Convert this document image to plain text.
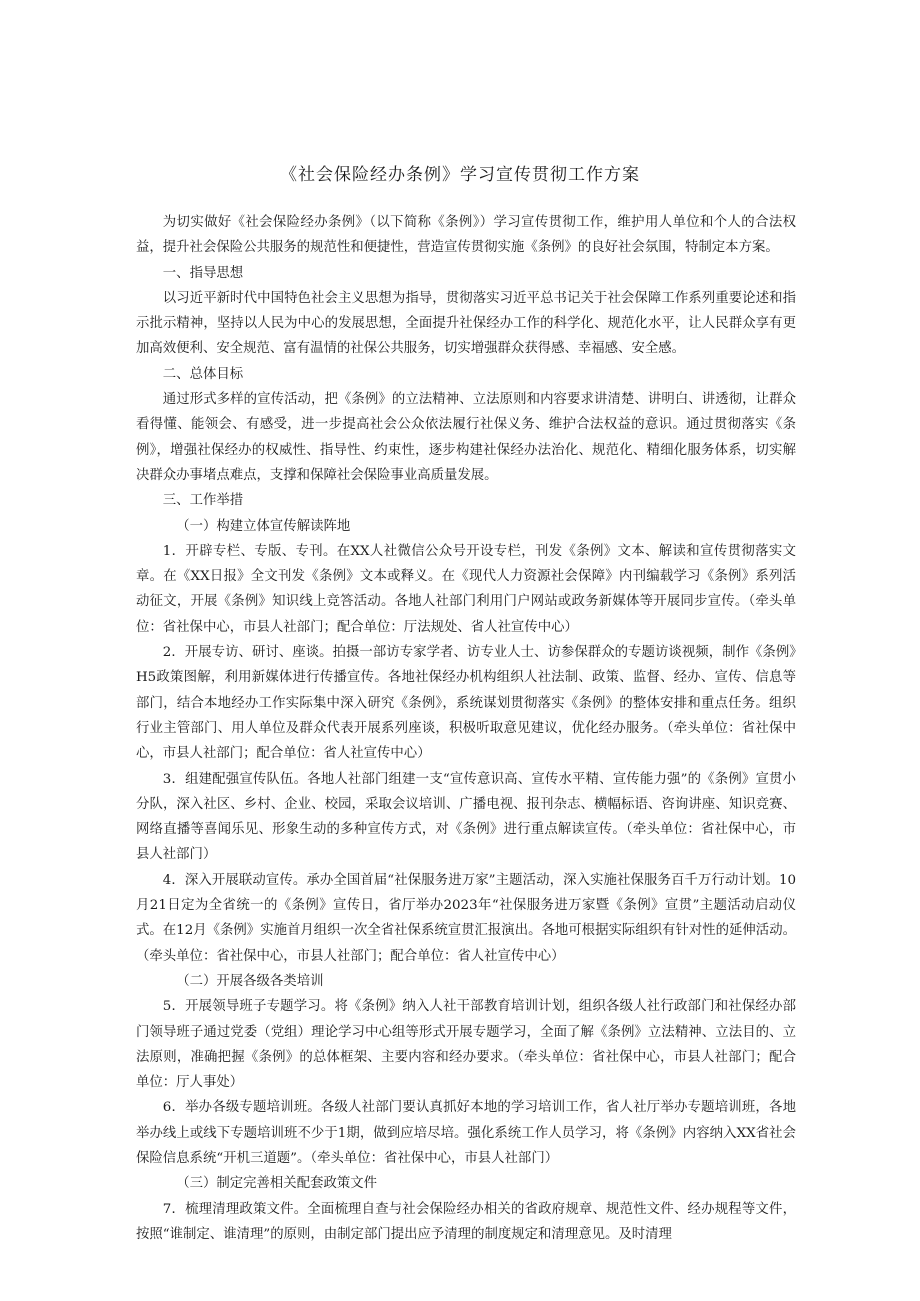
《社会保险经办条例》学习宣传贯彻工作方案

为切实做好《社会保险经办条例》（以下简称《条例》）学习宣传贯彻工作，维护用人单位和个人的合法权益，提升社会保险公共服务的规范性和便捷性，营造宣传贯彻实施《条例》的良好社会氛围，特制定本方案。

一、指导思想

以习近平新时代中国特色社会主义思想为指导，贯彻落实习近平总书记关于社会保障工作系列重要论述和指示批示精神，坚持以人民为中心的发展思想，全面提升社保经办工作的科学化、规范化水平，让人民群众享有更加高效便利、安全规范、富有温情的社保公共服务，切实增强群众获得感、幸福感、安全感。

二、总体目标

通过形式多样的宣传活动，把《条例》的立法精神、立法原则和内容要求讲清楚、讲明白、讲透彻，让群众看得懂、能领会、有感受，进一步提高社会公众依法履行社保义务、维护合法权益的意识。通过贯彻落实《条例》，增强社保经办的权威性、指导性、约束性，逐步构建社保经办法治化、规范化、精细化服务体系，切实解决群众办事堵点难点，支撑和保障社会保险事业高质量发展。

三、工作举措

（一）构建立体宣传解读阵地

1．开辟专栏、专版、专刊。在XX人社微信公众号开设专栏，刊发《条例》文本、解读和宣传贯彻落实文章。在《XX日报》全文刊发《条例》文本或释义。在《现代人力资源社会保障》内刊编载学习《条例》系列活动征文，开展《条例》知识线上竞答活动。各地人社部门利用门户网站或政务新媒体等开展同步宣传。（牵头单位：省社保中心，市县人社部门；配合单位：厅法规处、省人社宣传中心）

2．开展专访、研讨、座谈。拍摄一部访专家学者、访专业人士、访参保群众的专题访谈视频，制作《条例》H5政策图解，利用新媒体进行传播宣传。各地社保经办机构组织人社法制、政策、监督、经办、宣传、信息等部门，结合本地经办工作实际集中深入研究《条例》，系统谋划贯彻落实《条例》的整体安排和重点任务。组织行业主管部门、用人单位及群众代表开展系列座谈，积极听取意见建议，优化经办服务。（牵头单位：省社保中心，市县人社部门；配合单位：省人社宣传中心）

3．组建配强宣传队伍。各地人社部门组建一支“宣传意识高、宣传水平精、宣传能力强”的《条例》宣贯小分队，深入社区、乡村、企业、校园，采取会议培训、广播电视、报刊杂志、横幅标语、咨询讲座、知识竞赛、网络直播等喜闻乐见、形象生动的多种宣传方式，对《条例》进行重点解读宣传。（牵头单位：省社保中心，市县人社部门）

4．深入开展联动宣传。承办全国首届“社保服务进万家”主题活动，深入实施社保服务百千万行动计划。10月21日定为全省统一的《条例》宣传日，省厅举办2023年“社保服务进万家暨《条例》宣贯”主题活动启动仪式。在12月《条例》实施首月组织一次全省社保系统宣贯汇报演出。各地可根据实际组织有针对性的延伸活动。（牵头单位：省社保中心，市县人社部门；配合单位：省人社宣传中心）

（二）开展各级各类培训

5．开展领导班子专题学习。将《条例》纳入人社干部教育培训计划，组织各级人社行政部门和社保经办部门领导班子通过党委（党组）理论学习中心组等形式开展专题学习，全面了解《条例》立法精神、立法目的、立法原则，准确把握《条例》的总体框架、主要内容和经办要求。（牵头单位：省社保中心，市县人社部门；配合单位：厅人事处）

6．举办各级专题培训班。各级人社部门要认真抓好本地的学习培训工作，省人社厅举办专题培训班，各地举办线上或线下专题培训班不少于1期，做到应培尽培。强化系统工作人员学习，将《条例》内容纳入XX省社会保险信息系统“开机三道题”。（牵头单位：省社保中心，市县人社部门）

（三）制定完善相关配套政策文件

7．梳理清理政策文件。全面梳理自查与社会保险经办相关的省政府规章、规范性文件、经办规程等文件，按照“谁制定、谁清理”的原则，由制定部门提出应予清理的制度规定和清理意见。及时清理
